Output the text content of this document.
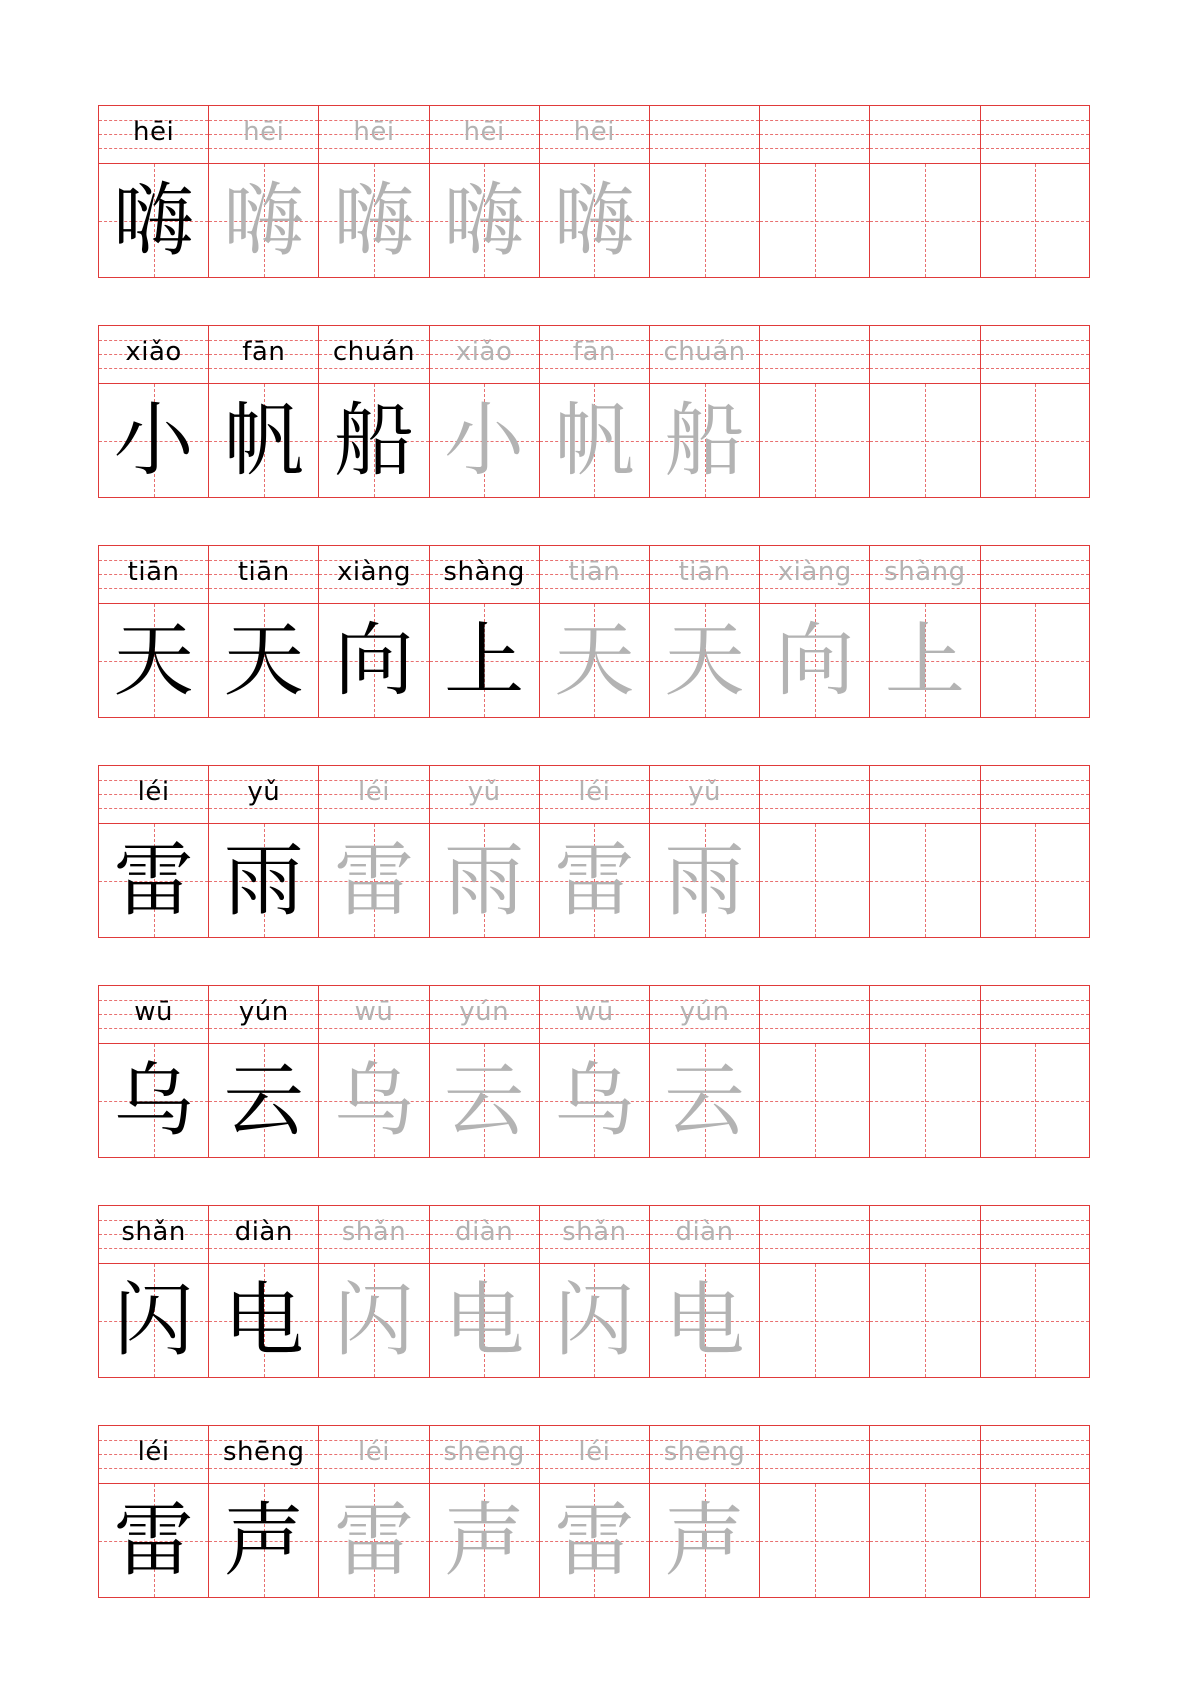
hēi
嗨
hēi
嗨
hēi
嗨
hēi
嗨
hēi
嗨
xiǎo
小
fān
帆
chuán
船
xiǎo
小
fān
帆
chuán
船
tiān
天
tiān
天
xiàng
向
shàng
上
tiān
天
tiān
天
xiàng
向
shàng
上
léi
雷
yǔ
雨
léi
雷
yǔ
雨
léi
雷
yǔ
雨
wū
乌
yún
云
wū
乌
yún
云
wū
乌
yún
云
shǎn
闪
diàn
电
shǎn
闪
diàn
电
shǎn
闪
diàn
电
léi
雷
shēng
声
léi
雷
shēng
声
léi
雷
shēng
声
